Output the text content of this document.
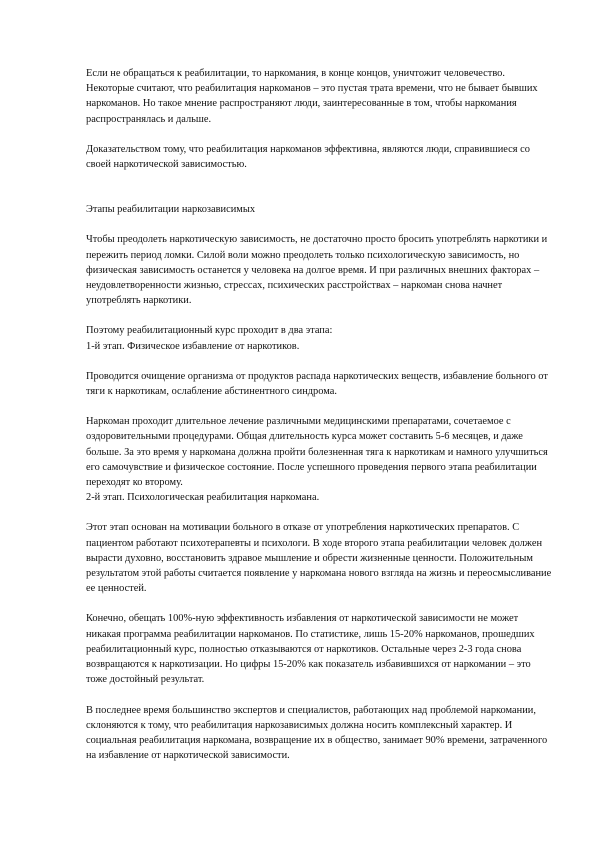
Если не обращаться к реабилитации, то наркомания, в конце концов, уничтожит человечество. Некоторые считают, что реабилитация наркоманов – это пустая трата времени, что не бывает бывших наркоманов. Но такое мнение распространяют люди, заинтересованные в том, чтобы наркомания распространялась и дальше.

Доказательством тому, что реабилитация наркоманов эффективна, являются люди, справившиеся со своей наркотической зависимостью.

Этапы реабилитации наркозависимых

Чтобы преодолеть наркотическую зависимость, не достаточно просто бросить употреблять наркотики и пережить период ломки. Силой воли можно преодолеть только психологическую зависимость, но физическая зависимость останется у человека на долгое время. И при различных внешних факторах – неудовлетворенности жизнью, стрессах, психических расстройствах – наркоман снова начнет употреблять наркотики.

Поэтому реабилитационный курс проходит в два этапа:

1-й этап. Физическое избавление от наркотиков.

Проводится очищение организма от продуктов распада наркотических веществ, избавление больного от тяги к наркотикам, ослабление абстинентного синдрома.

Наркоман проходит длительное лечение различными медицинскими препаратами, сочетаемое с оздоровительными процедурами. Общая длительность курса может составить 5-6 месяцев, и даже больше. За это время у наркомана должна пройти болезненная тяга к наркотикам и намного улучшиться его самочувствие и физическое состояние. После успешного проведения первого этапа реабилитации переходят ко второму.

2-й этап. Психологическая реабилитация наркомана.

Этот этап основан на мотивации больного в отказе от употребления наркотических препаратов. С пациентом работают психотерапевты и психологи. В ходе второго этапа реабилитации человек должен вырасти духовно, восстановить здравое мышление и обрести жизненные ценности. Положительным результатом этой работы считается появление у наркомана нового взгляда на жизнь и переосмысливание ее ценностей.

Конечно, обещать 100%-ную эффективность избавления от наркотической зависимости не может никакая программа реабилитации наркоманов. По статистике, лишь 15-20% наркоманов, прошедших реабилитационный курс, полностью отказываются от наркотиков. Остальные через 2-3 года снова возвращаются к наркотизации. Но цифры 15-20% как показатель избавившихся от наркомании – это тоже достойный результат.

В последнее время большинство экспертов и специалистов, работающих над проблемой наркомании, склоняются к тому, что реабилитация наркозависимых должна носить комплексный характер. И социальная реабилитация наркомана, возвращение их в общество, занимает 90% времени, затраченного на избавление от наркотической зависимости.
